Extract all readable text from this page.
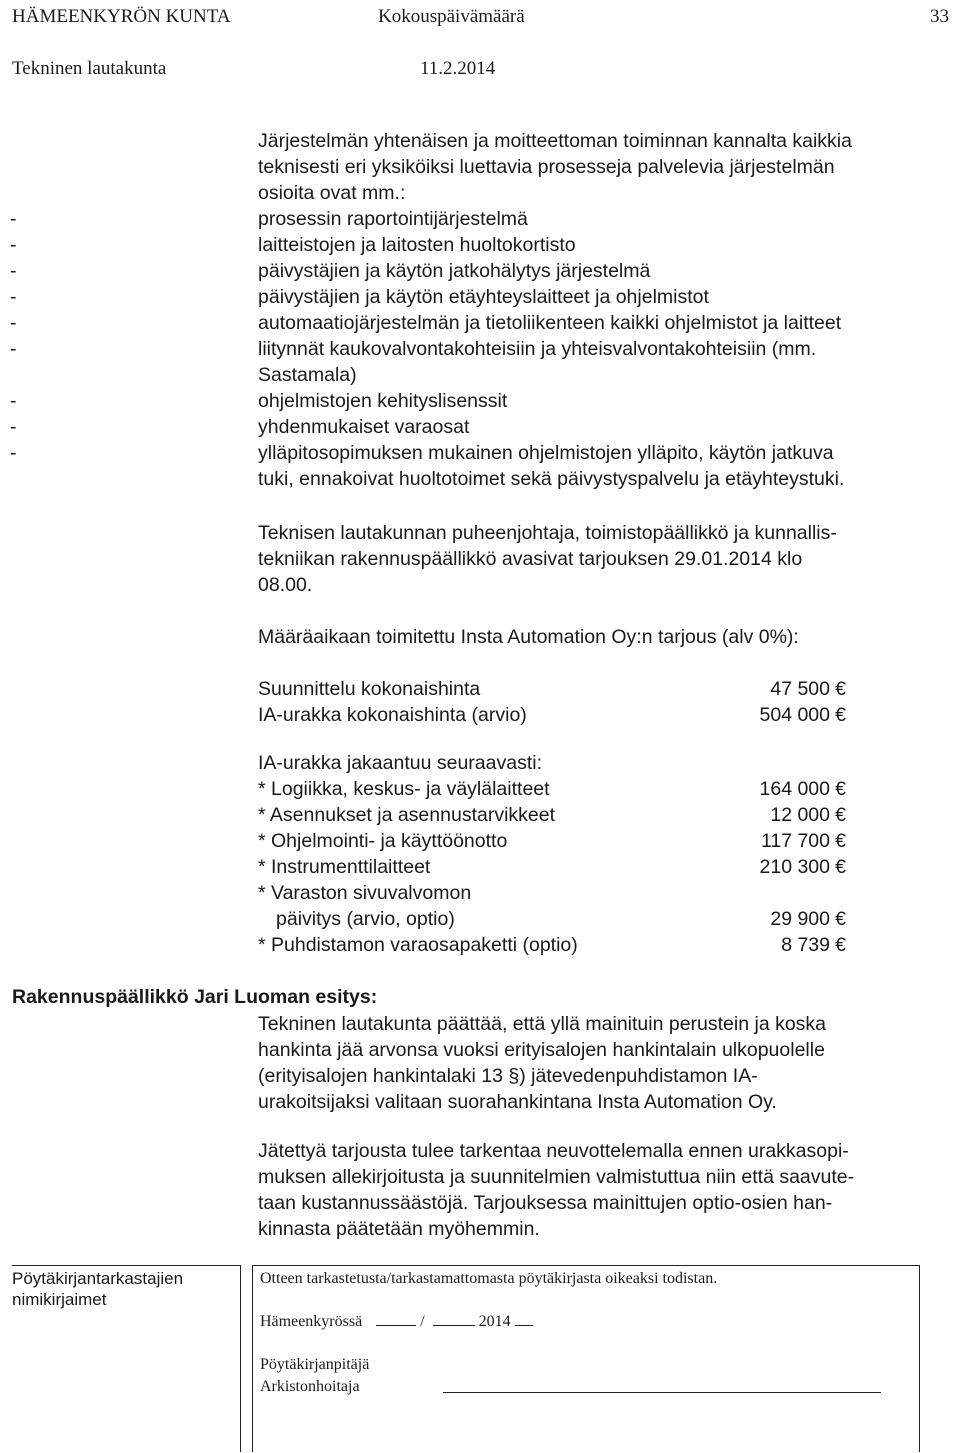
HÄMEENKYRÖN KUNTA	Kokouspäivämäärä	33
Tekninen lautakunta	11.2.2014
Järjestelmän yhtenäisen ja moitteettoman toiminnan kannalta kaikkia
teknisesti eri yksiköiksi luettavia prosesseja palvelevia järjestelmän
osioita ovat mm.:
-	prosessin raportointijärjestelmä
-	laitteistojen ja laitosten huoltokortisto
-	päivystäjien ja käytön jatkohälytys järjestelmä
-	päivystäjien ja käytön etäyhteyslaitteet ja ohjelmistot
-	automaatiojärjestelmän ja tietoliikenteen kaikki ohjelmistot ja laitteet
-	liitynnät kaukovalvontakohteisiin ja yhteisvalvontakohteisiin (mm.
Sastamala)
-	ohjelmistojen kehityslisenssit
-	yhdenmukaiset varaosat
-	ylläpitosopimuksen mukainen ohjelmistojen ylläpito, käytön jatkuva
tuki, ennakoivat huoltotoimet sekä päivystyspalvelu ja etäyhteystuki.
Teknisen lautakunnan puheenjohtaja, toimistopäällikkö ja kunnallis-
tekniikan rakennuspäällikkö avasivat tarjouksen 29.01.2014 klo
08.00.
Määräaikaan toimitettu Insta Automation Oy:n tarjous (alv 0%):
Suunnittelu kokonaishinta	47 500 €
IA-urakka kokonaishinta (arvio)	504 000 €
IA-urakka jakaantuu seuraavasti:
* Logiikka, keskus- ja väylälaitteet	164 000 €
* Asennukset ja asennustarvikkeet	12 000 €
* Ohjelmointi- ja käyttöönotto	117 700 €
* Instrumenttilaitteet	210 300 €
* Varaston sivuvalvomon
päivitys (arvio, optio)	29 900 €
* Puhdistamon varaosapaketti (optio)	8 739 €
Rakennuspäällikkö Jari Luoman esitys:
Tekninen lautakunta päättää, että yllä mainituin perustein ja koska
hankinta jää arvonsa vuoksi erityisalojen hankintalain ulkopuolelle
(erityisalojen hankintalaki 13 §) jätevedenpuhdistamon IA-
urakoitsijaksi valitaan suorahankintana Insta Automation Oy.
Jätettyä tarjousta tulee tarkentaa neuvottelemalla ennen urakkasopi-
muksen allekirjoitusta ja suunnitelmien valmistuttua niin että saavute-
taan kustannussäästöjä. Tarjouksessa mainittujen optio-osien han-
kinnasta päätetään myöhemmin.
Pöytäkirjantarkastajien
nimikirjaimet
Otteen tarkastetusta/tarkastamattomasta pöytäkirjasta oikeaksi todistan.
Hämeenkyrössä	/	2014
Pöytäkirjanpitäjä
Arkistonhoitaja
